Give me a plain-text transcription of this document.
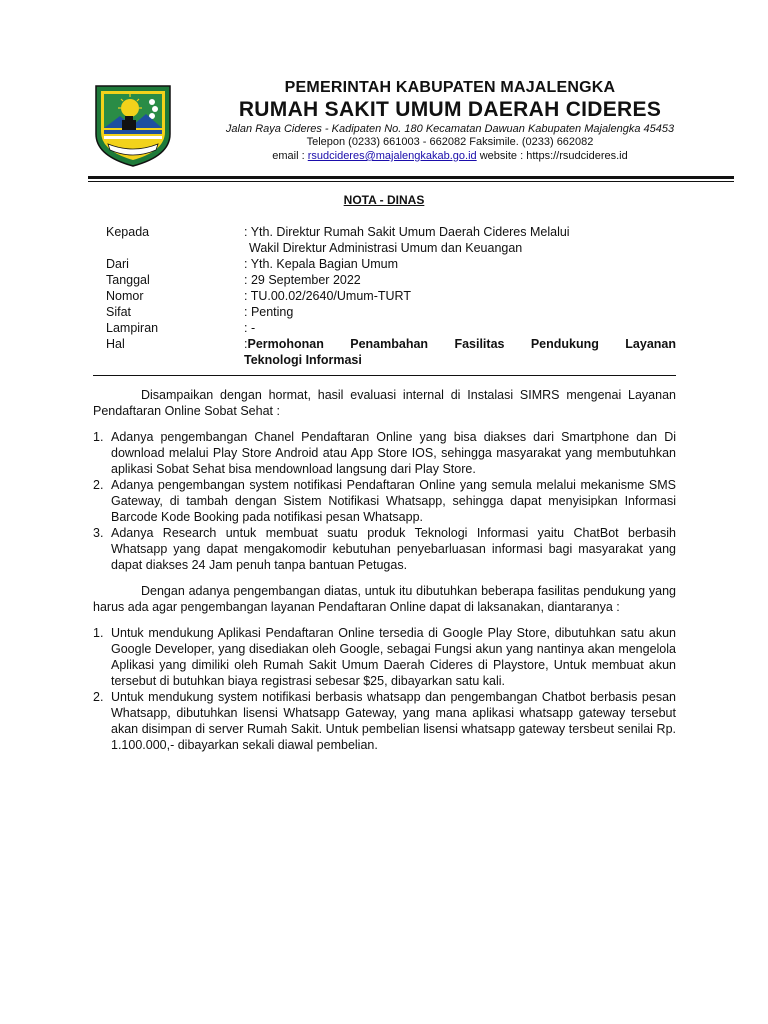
PEMERINTAH KABUPATEN MAJALENGKA
RUMAH SAKIT UMUM DAERAH CIDERES
Jalan Raya Cideres - Kadipaten No. 180 Kecamatan Dawuan Kabupaten Majalengka 45453
Telepon (0233) 661003 - 662082 Faksimile. (0233) 662082
email : rsudcideres@majalengkakab.go.id website : https://rsudcideres.id
NOTA - DINAS
Kepada	: Yth. Direktur Rumah Sakit Umum Daerah Cideres Melalui
Wakil Direktur Administrasi Umum dan Keuangan
Dari	: Yth. Kepala Bagian Umum
Tanggal	: 29 September 2022
Nomor	: TU.00.02/2640/Umum-TURT
Sifat	: Penting
Lampiran	: -
Hal	:Permohonan Penambahan Fasilitas Pendukung Layanan
Teknologi Informasi

Disampaikan dengan hormat, hasil evaluasi internal di Instalasi SIMRS mengenai Layanan Pendaftaran Online Sobat Sehat :

1. Adanya pengembangan Chanel Pendaftaran Online yang bisa diakses dari Smartphone dan Di download melalui Play Store Android atau App Store IOS, sehingga masyarakat yang membutuhkan aplikasi Sobat Sehat bisa mendownload langsung dari Play Store.
2. Adanya pengembangan system notifikasi Pendaftaran Online yang semula melalui mekanisme SMS Gateway, di tambah dengan Sistem Notifikasi Whatsapp, sehingga dapat menyisipkan Informasi Barcode Kode Booking pada notifikasi pesan Whatsapp.
3. Adanya Research untuk membuat suatu produk Teknologi Informasi yaitu ChatBot berbasih Whatsapp yang dapat mengakomodir kebutuhan penyebarluasan informasi bagi masyarakat yang dapat diakses 24 Jam penuh tanpa bantuan Petugas.

Dengan adanya pengembangan diatas, untuk itu dibutuhkan beberapa fasilitas pendukung yang harus ada agar pengembangan layanan Pendaftaran Online dapat di laksanakan, diantaranya :

1. Untuk mendukung Aplikasi Pendaftaran Online tersedia di Google Play Store, dibutuhkan satu akun Google Developer, yang disediakan oleh Google, sebagai Fungsi akun yang nantinya akan mengelola Aplikasi yang dimiliki oleh Rumah Sakit Umum Daerah Cideres di Playstore, Untuk membuat akun tersebut di butuhkan biaya registrasi sebesar $25, dibayarkan satu kali.
2. Untuk mendukung system notifikasi berbasis whatsapp dan pengembangan Chatbot berbasis pesan Whatsapp, dibutuhkan lisensi Whatsapp Gateway, yang mana aplikasi whatsapp gateway tersebut akan disimpan di server Rumah Sakit. Untuk pembelian lisensi whatsapp gateway tersbeut senilai Rp. 1.100.000,- dibayarkan sekali diawal pembelian.
